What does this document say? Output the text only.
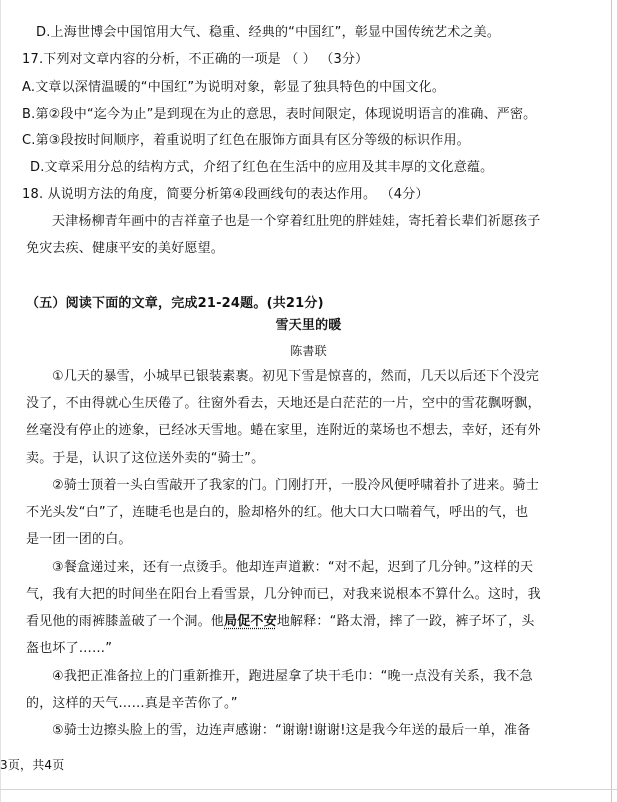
D.上海世博会中国馆用大气、稳重、经典的“中国红”，彰显中国传统艺术之美。
17.下列对文章内容的分析，不正确的一项是 （ ） （3分）
A.文章以深情温暖的“中国红”为说明对象，彰显了独具特色的中国文化。
B.第②段中“迄今为止”是到现在为止的意思，表时间限定，体现说明语言的准确、严密。
C.第③段按时间顺序，着重说明了红色在服饰方面具有区分等级的标识作用。
D.文章采用分总的结构方式，介绍了红色在生活中的应用及其丰厚的文化意蕴。
18. 从说明方法的角度，简要分析第④段画线句的表达作用。 （4分）
天津杨柳青年画中的吉祥童子也是一个穿着红肚兜的胖娃娃，寄托着长辈们祈愿孩子
免灾去疾、健康平安的美好愿望。
（五）阅读下面的文章，完成21-24题。(共21分)
雪天里的暖
陈書联
①几天的暴雪，小城早已银装素裹。初见下雪是惊喜的，然而，几天以后还下个没完
没了，不由得就心生厌倦了。往窗外看去，天地还是白茫茫的一片，空中的雪花飘呀飘，
丝毫没有停止的迹象，已经冰天雪地。蜷在家里，连附近的菜场也不想去，幸好，还有外
卖。于是，认识了这位送外卖的“骑士”。
②骑士顶着一头白雪敲开了我家的门。门刚打开，一股冷风便呼啸着扑了进来。骑士
不光头发“白”了，连睫毛也是白的，脸却格外的红。他大口大口喘着气，呼出的气，也
是一团一团的白。
③餐盒递过来，还有一点烫手。他却连声道歉：“对不起，迟到了几分钟。”这样的天
气，我有大把的时间坐在阳台上看雪景，几分钟而已，对我来说根本不算什么。这时，我
看见他的雨裤膝盖破了一个洞。他局促不安地解释：“路太滑，摔了一跤，裤子坏了，头
盔也坏了……”
④我把正准备拉上的门重新推开，跑进屋拿了块干毛巾：“晚一点没有关系，我不急
的，这样的天气……真是辛苦你了。”
⑤骑士边擦头脸上的雪，边连声感谢：“谢谢!谢谢!这是我今年送的最后一单，准备
3页，共4页
